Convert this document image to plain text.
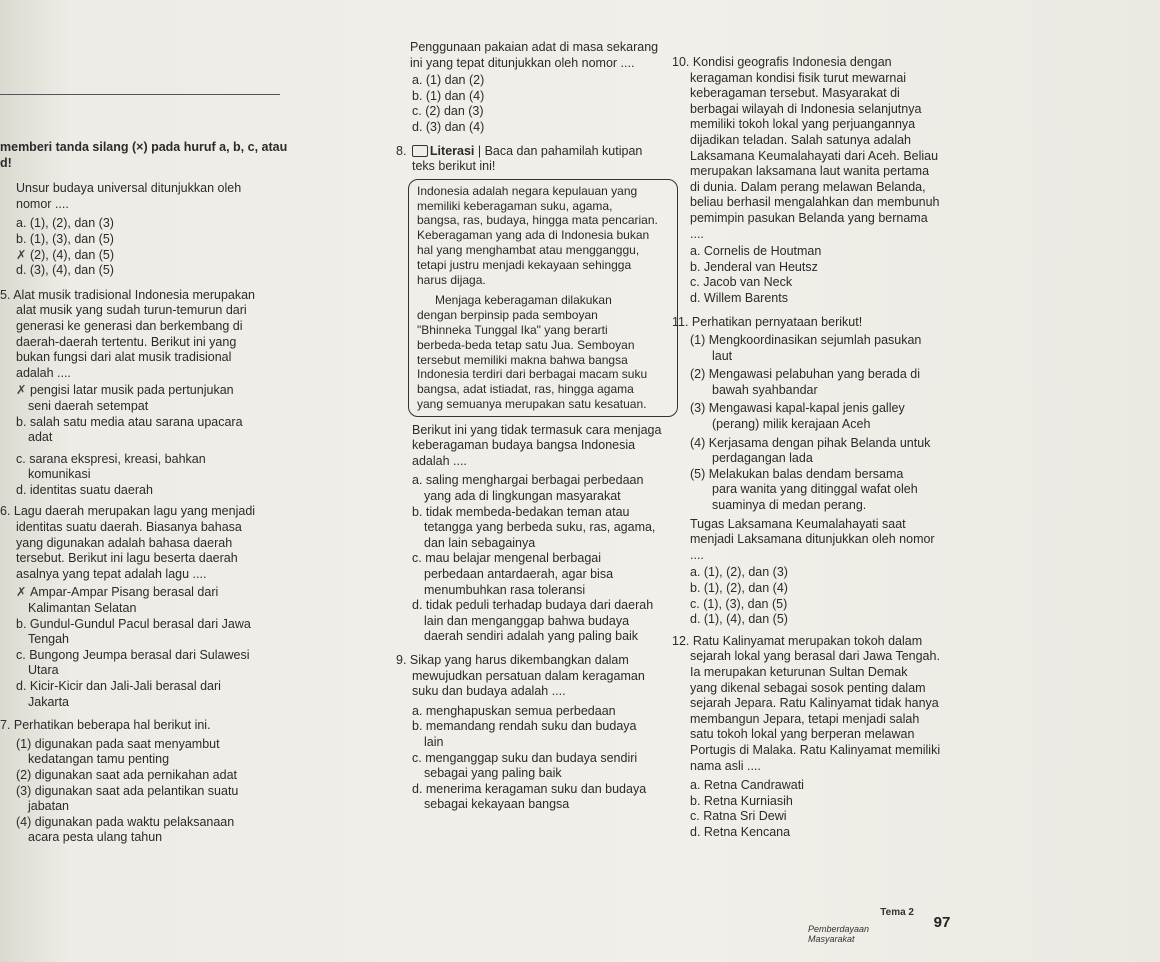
memberi tanda silang (×) pada huruf a, b, c, atau d!

Unsur budaya universal ditunjukkan oleh

nomor ....

a. (1), (2), dan (3)

b. (1), (3), dan (5)

✗ (2), (4), dan (5)

d. (3), (4), dan (5)

5. Alat musik tradisional Indonesia merupakan

alat musik yang sudah turun-temurun dari

generasi ke generasi dan berkembang di

daerah-daerah tertentu. Berikut ini yang

bukan fungsi dari alat musik tradisional

adalah ....

✗ pengisi latar musik pada pertunjukan

seni daerah setempat

b. salah satu media atau sarana upacara

adat

c. sarana ekspresi, kreasi, bahkan

komunikasi

d. identitas suatu daerah

6. Lagu daerah merupakan lagu yang menjadi

identitas suatu daerah. Biasanya bahasa

yang digunakan adalah bahasa daerah

tersebut. Berikut ini lagu beserta daerah

asalnya yang tepat adalah lagu ....

✗ Ampar-Ampar Pisang berasal dari

Kalimantan Selatan

b. Gundul-Gundul Pacul berasal dari Jawa

Tengah

c. Bungong Jeumpa berasal dari Sulawesi

Utara

d. Kicir-Kicir dan Jali-Jali berasal dari

Jakarta

7. Perhatikan beberapa hal berikut ini.

(1) digunakan pada saat menyambut

kedatangan tamu penting

(2) digunakan saat ada pernikahan adat

(3) digunakan saat ada pelantikan suatu

jabatan

(4) digunakan pada waktu pelaksanaan

acara pesta ulang tahun

Penggunaan pakaian adat di masa sekarang

ini yang tepat ditunjukkan oleh nomor ....

a. (1) dan (2)

b. (1) dan (4)

c. (2) dan (3)

d. (3) dan (4)

8. Literasi | Baca dan pahamilah kutipan

teks berikut ini!

Indonesia adalah negara kepulauan yang

memiliki keberagaman suku, agama,

bangsa, ras, budaya, hingga mata pencarian.

Keberagaman yang ada di Indonesia bukan

hal yang menghambat atau mengganggu,

tetapi justru menjadi kekayaan sehingga

harus dijaga.

Menjaga keberagaman dilakukan

dengan berpinsip pada semboyan

"Bhinneka Tunggal Ika" yang berarti

berbeda-beda tetap satu Jua. Semboyan

tersebut memiliki makna bahwa bangsa

Indonesia terdiri dari berbagai macam suku

bangsa, adat istiadat, ras, hingga agama

yang semuanya merupakan satu kesatuan.

Berikut ini yang tidak termasuk cara menjaga

keberagaman budaya bangsa Indonesia

adalah ....

a. saling menghargai berbagai perbedaan

yang ada di lingkungan masyarakat

b. tidak membeda-bedakan teman atau

tetangga yang berbeda suku, ras, agama,

dan lain sebagainya

c. mau belajar mengenal berbagai

perbedaan antardaerah, agar bisa

menumbuhkan rasa toleransi

d. tidak peduli terhadap budaya dari daerah

lain dan menganggap bahwa budaya

daerah sendiri adalah yang paling baik

9. Sikap yang harus dikembangkan dalam

mewujudkan persatuan dalam keragaman

suku dan budaya adalah ....

a. menghapuskan semua perbedaan

b. memandang rendah suku dan budaya

lain

c. menganggap suku dan budaya sendiri

sebagai yang paling baik

d. menerima keragaman suku dan budaya

sebagai kekayaan bangsa

10. Kondisi geografis Indonesia dengan

keragaman kondisi fisik turut mewarnai

keberagaman tersebut. Masyarakat di

berbagai wilayah di Indonesia selanjutnya

memiliki tokoh lokal yang perjuangannya

dijadikan teladan. Salah satunya adalah

Laksamana Keumalahayati dari Aceh. Beliau

merupakan laksamana laut wanita pertama

di dunia. Dalam perang melawan Belanda,

beliau berhasil mengalahkan dan membunuh

pemimpin pasukan Belanda yang bernama

....

a. Cornelis de Houtman

b. Jenderal van Heutsz

c. Jacob van Neck

d. Willem Barents

11. Perhatikan pernyataan berikut!

(1) Mengkoordinasikan sejumlah pasukan

laut

(2) Mengawasi pelabuhan yang berada di

bawah syahbandar

(3) Mengawasi kapal-kapal jenis galley

(perang) milik kerajaan Aceh

(4) Kerjasama dengan pihak Belanda untuk

perdagangan lada

(5) Melakukan balas dendam bersama

para wanita yang ditinggal wafat oleh

suaminya di medan perang.

Tugas Laksamana Keumalahayati saat

menjadi Laksamana ditunjukkan oleh nomor

....

a. (1), (2), dan (3)

b. (1), (2), dan (4)

c. (1), (3), dan (5)

d. (1), (4), dan (5)

12. Ratu Kalinyamat merupakan tokoh dalam

sejarah lokal yang berasal dari Jawa Tengah.

Ia merupakan keturunan Sultan Demak

yang dikenal sebagai sosok penting dalam

sejarah Jepara. Ratu Kalinyamat tidak hanya

membangun Jepara, tetapi menjadi salah

satu tokoh lokal yang berperan melawan

Portugis di Malaka. Ratu Kalinyamat memiliki

nama asli ....

a. Retna Candrawati

b. Retna Kurniasih

c. Ratna Sri Dewi

d. Retna Kencana

Tema 2
Pemberdayaan Masyarakat
97
